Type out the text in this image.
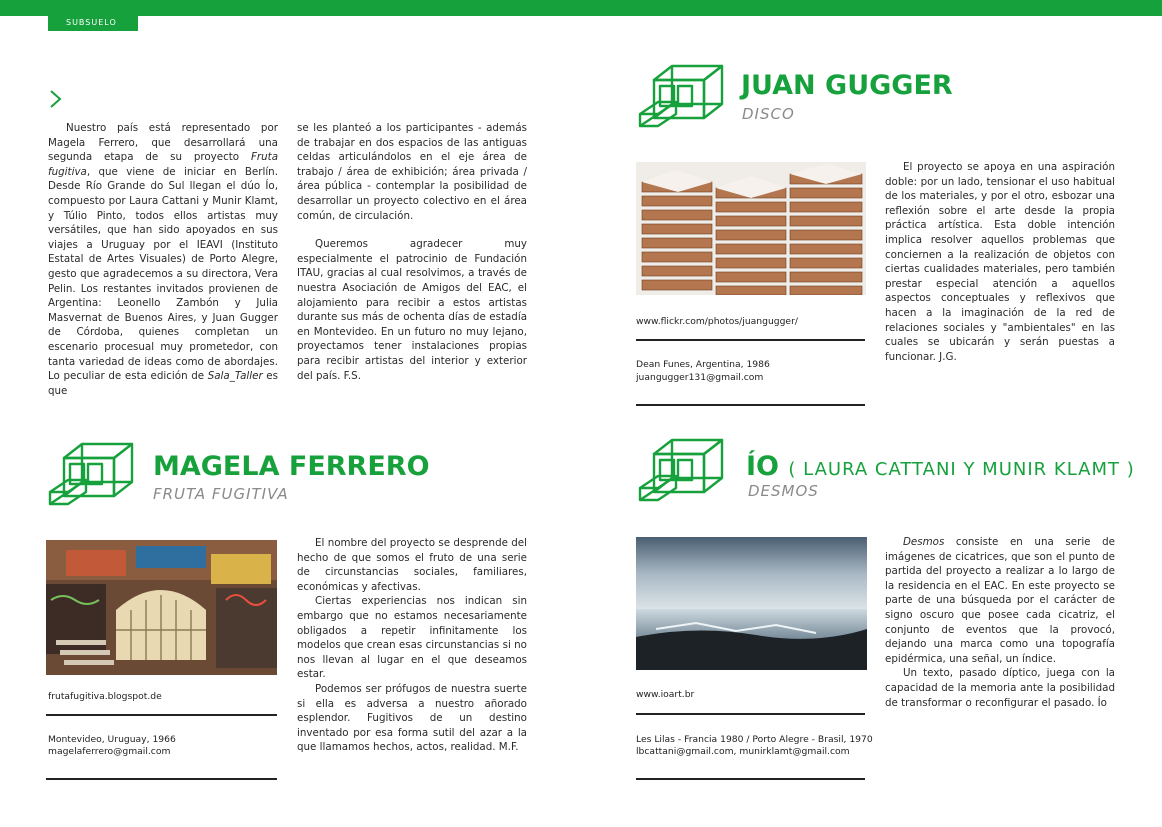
SUBSUELO

Nuestro país está representado por Magela Ferrero, que desarrollará una segunda etapa de su proyecto Fruta fugitiva, que viene de iniciar en Berlín. Desde Río Grande do Sul llegan el dúo Ío, compuesto por Laura Cattani y Munir Klamt, y Túlio Pinto, todos ellos artistas muy versátiles, que han sido apoyados en sus viajes a Uruguay por el IEAVI (Instituto Estatal de Artes Visuales) de Porto Alegre, gesto que agradecemos a su directora, Vera Pelin. Los restantes invitados provienen de Argentina: Leonello Zambón y Julia Masvernat de Buenos Aires, y Juan Gugger de Córdoba, quienes completan un escenario procesual muy prometedor, con tanta variedad de ideas como de abordajes. Lo peculiar de esta edición de Sala_Taller es que

se les planteó a los participantes - además de trabajar en dos espacios de las antiguas celdas articulándolos en el eje área de trabajo / área de exhibición; área privada / área pública - contemplar la posibilidad de desarrollar un proyecto colectivo en el área común, de circulación.

Queremos agradecer muy especialmente el patrocinio de Fundación ITAU, gracias al cual resolvimos, a través de nuestra Asociación de Amigos del EAC, el alojamiento para recibir a estos artistas durante sus más de ochenta días de estadía en Montevideo. En un futuro no muy lejano, proyectamos tener instalaciones propias para recibir artistas del interior y exterior del país. F.S.

JUAN GUGGER
DISCO
www.flickr.com/photos/juangugger/
Dean Funes, Argentina, 1986
juangugger131@gmail.com

El proyecto se apoya en una aspiración doble: por un lado, tensionar el uso habitual de los materiales, y por el otro, esbozar una reflexión sobre el arte desde la propia práctica artística. Esta doble intención implica resolver aquellos problemas que conciernen a la realización de objetos con ciertas cualidades materiales, pero también prestar especial atención a aquellos aspectos conceptuales y reflexivos que hacen a la imaginación de la red de relaciones sociales y "ambientales" en las cuales se ubicarán y serán puestas a funcionar. J.G.

MAGELA FERRERO
FRUTA FUGITIVA
frutafugitiva.blogspot.de
Montevideo, Uruguay, 1966
magelaferrero@gmail.com

El nombre del proyecto se desprende del hecho de que somos el fruto de una serie de circunstancias sociales, familiares, económicas y afectivas.

Ciertas experiencias nos indican sin embargo que no estamos necesariamente obligados a repetir infinitamente los modelos que crean esas circunstancias si no nos llevan al lugar en el que deseamos estar.

Podemos ser prófugos de nuestra suerte si ella es adversa a nuestro añorado esplendor. Fugitivos de un destino inventado por esa forma sutil del azar a la que llamamos hechos, actos, realidad. M.F.

ÍO ( LAURA CATTANI Y MUNIR KLAMT )
DESMOS
www.ioart.br
Les Lilas - Francia 1980 / Porto Alegre - Brasil, 1970
lbcattani@gmail.com, munirklamt@gmail.com

Desmos consiste en una serie de imágenes de cicatrices, que son el punto de partida del proyecto a realizar a lo largo de la residencia en el EAC. En este proyecto se parte de una búsqueda por el carácter de signo oscuro que posee cada cicatriz, el conjunto de eventos que la provocó, dejando una marca como una topografía epidérmica, una señal, un índice.

Un texto, pasado díptico, juega con la capacidad de la memoria ante la posibilidad de transformar o reconfigurar el pasado. Ío
